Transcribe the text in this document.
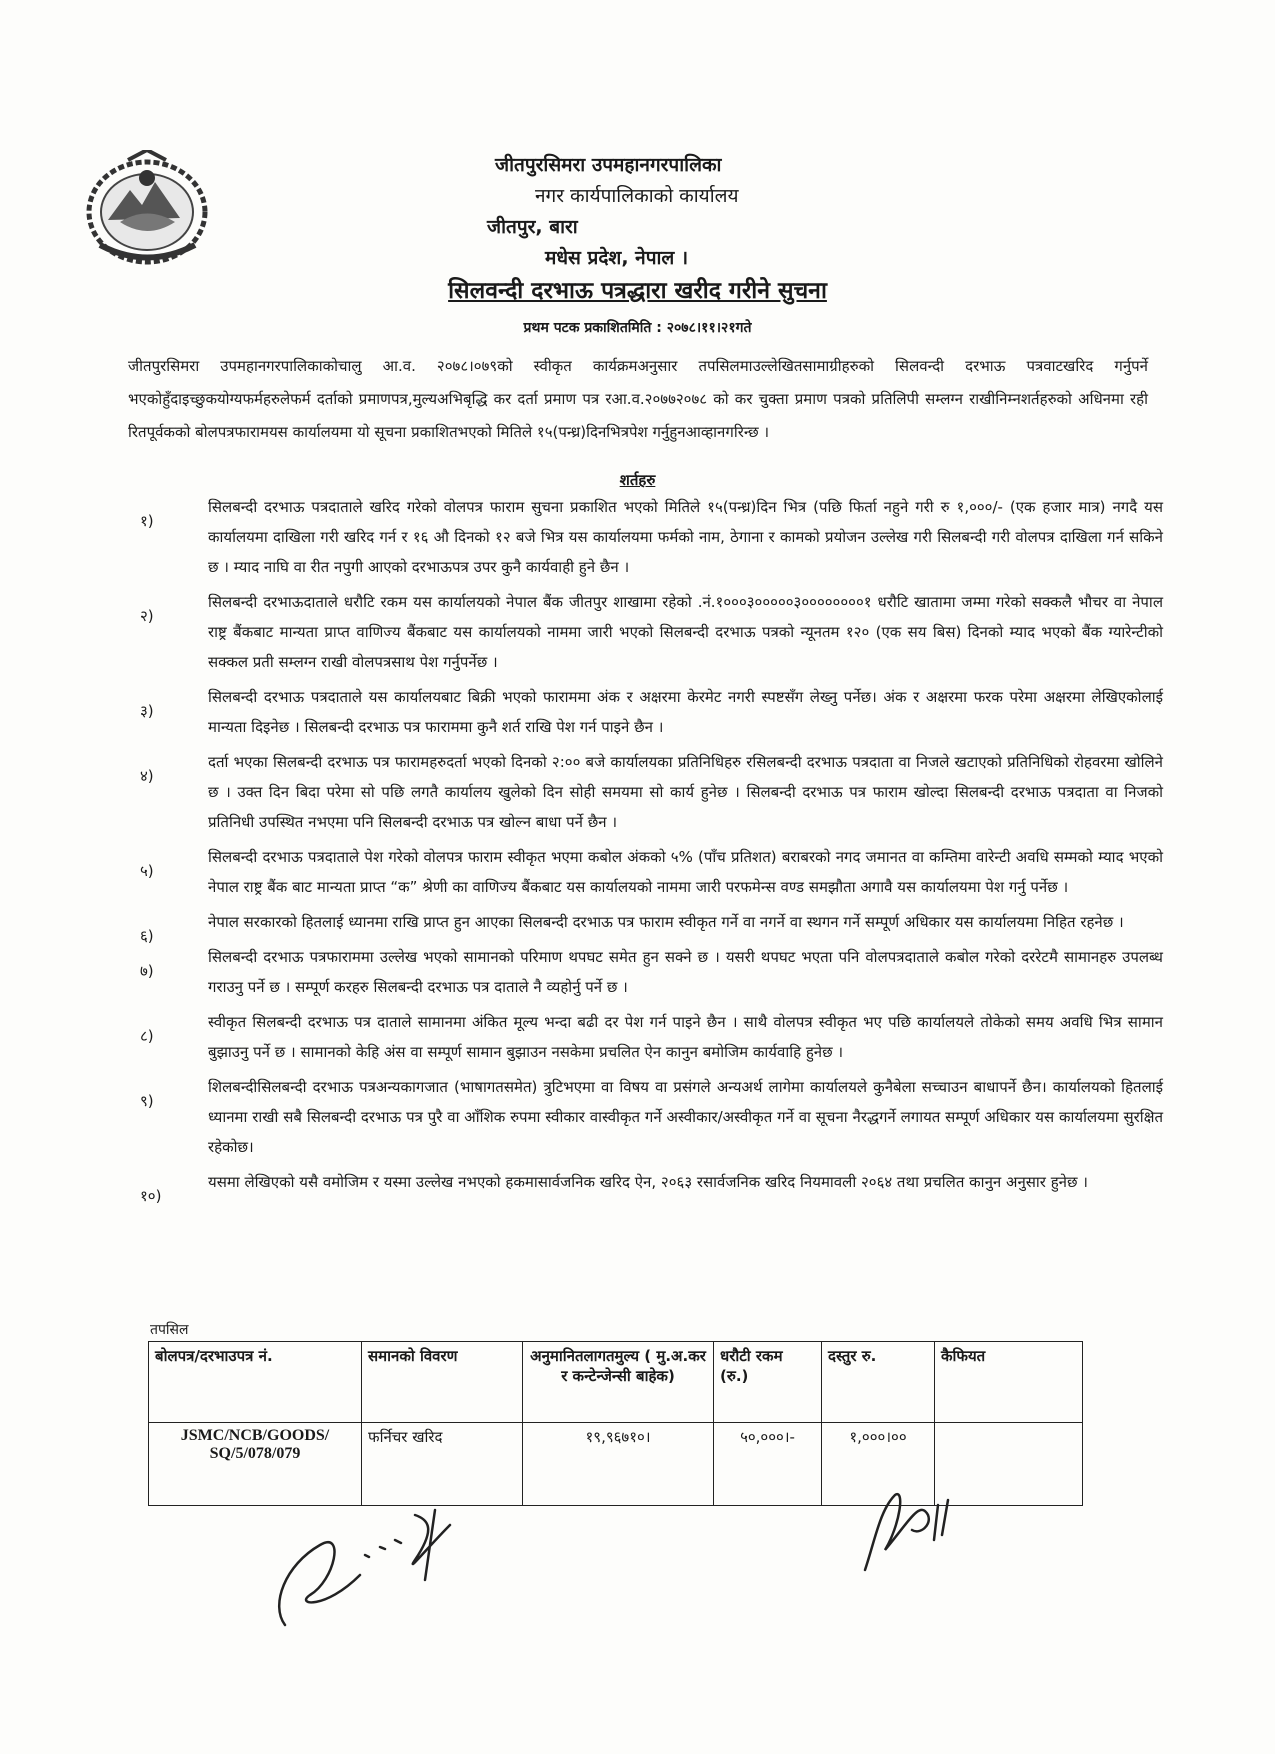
जीतपुरसिमरा उपमहानगरपालिका
नगर कार्यपालिकाको कार्यालय
जीतपुर, बारा
मधेस प्रदेश, नेपाल ।
सिलवन्दी दरभाऊ पत्रद्धारा खरीद गरीने सुचना
प्रथम पटक प्रकाशितमिति : २०७८।११।२१गते
जीतपुरसिमरा उपमहानगरपालिकाकोचालु आ.व. २०७८।०७९को स्वीकृत कार्यक्रमअनुसार तपसिलमाउल्लेखितसामाग्रीहरुको सिलवन्दी दरभाऊ पत्रवाटखरिद गर्नुपर्ने भएकोहुँदाइच्छुकयोग्यफर्महरुलेफर्म दर्ताको प्रमाणपत्र,मुल्यअभिबृद्धि कर दर्ता प्रमाण पत्र रआ.व.२०७७२०७८ को कर चुक्ता प्रमाण पत्रको प्रतिलिपी सम्लग्न राखीनिम्नशर्तहरुको अधिनमा रही रितपूर्वकको बोलपत्रफारामयस कार्यालयमा यो सूचना प्रकाशितभएको मितिले १५(पन्ध्र)दिनभित्रपेश गर्नुहुनआव्हानगरिन्छ ।
शर्तहरु
१)
सिलबन्दी दरभाऊ पत्रदाताले खरिद गरेको वोलपत्र फाराम सुचना प्रकाशित भएको मितिले १५(पन्ध्र)दिन भित्र (पछि फिर्ता नहुने गरी रु १,०००/- (एक हजार मात्र) नगदै यस कार्यालयमा दाखिला गरी खरिद गर्न र १६ औ दिनको १२ बजे भित्र यस कार्यालयमा फर्मको नाम, ठेगाना र कामको प्रयोजन उल्लेख गरी सिलबन्दी गरी वोलपत्र दाखिला गर्न सकिने छ । म्याद नाघि वा रीत नपुगी आएको दरभाऊपत्र उपर कुनै कार्यवाही हुने छैन ।
२)
सिलबन्दी दरभाऊदाताले धरौटि रकम यस कार्यालयको नेपाल बैंक जीतपुर शाखामा रहेको .नं.१०००३०००००३००००००००१ धरौटि खातामा जम्मा गरेको सक्कलै भौचर वा नेपाल राष्ट्र बैंकबाट मान्यता प्राप्त वाणिज्य बैंकबाट यस कार्यालयको नाममा जारी भएको सिलबन्दी दरभाऊ पत्रको न्यूनतम १२० (एक सय बिस) दिनको म्याद भएको बैंक ग्यारेन्टीको सक्कल प्रती सम्लग्न राखी वोलपत्रसाथ पेश गर्नुपर्नेछ ।
३)
सिलबन्दी दरभाऊ पत्रदाताले यस कार्यालयबाट बिक्री भएको फाराममा अंक र अक्षरमा केरमेट नगरी स्पष्टसँग लेख्नु पर्नेछ। अंक र अक्षरमा फरक परेमा अक्षरमा लेखिएकोलाई मान्यता दिइनेछ । सिलबन्दी दरभाऊ पत्र फाराममा कुनै शर्त राखि पेश गर्न पाइने छैन ।
४)
दर्ता भएका सिलबन्दी दरभाऊ पत्र फारामहरुदर्ता भएको दिनको २:०० बजे कार्यालयका प्रतिनिधिहरु रसिलबन्दी दरभाऊ पत्रदाता वा निजले खटाएको प्रतिनिधिको रोहवरमा खोलिने छ । उक्त दिन बिदा परेमा सो पछि लगतै कार्यालय खुलेको दिन सोही समयमा सो कार्य हुनेछ । सिलबन्दी दरभाऊ पत्र फाराम खोल्दा सिलबन्दी दरभाऊ पत्रदाता वा निजको प्रतिनिधी उपस्थित नभएमा पनि सिलबन्दी दरभाऊ पत्र खोल्न बाधा पर्ने छैन ।
५)
सिलबन्दी दरभाऊ पत्रदाताले पेश गरेको वोलपत्र फाराम स्वीकृत भएमा कबोल अंकको ५% (पाँच प्रतिशत) बराबरको नगद जमानत वा कम्तिमा वारेन्टी अवधि सम्मको म्याद भएको नेपाल राष्ट्र बैंक बाट मान्यता प्राप्त “क” श्रेणी का वाणिज्य बैंकबाट यस कार्यालयको नाममा जारी परफमेन्स वण्ड समझौता अगावै यस कार्यालयमा पेश गर्नु पर्नेछ ।
६)
नेपाल सरकारको हितलाई ध्यानमा राखि प्राप्त हुन आएका सिलबन्दी दरभाऊ पत्र फाराम स्वीकृत गर्ने वा नगर्ने वा स्थगन गर्ने सम्पूर्ण अधिकार यस कार्यालयमा निहित रहनेछ ।
७)
सिलबन्दी दरभाऊ पत्रफाराममा उल्लेख भएको सामानको परिमाण थपघट समेत हुन सक्ने छ । यसरी थपघट भएता पनि वोलपत्रदाताले कबोल गरेको दररेटमै सामानहरु उपलब्ध गराउनु पर्ने छ । सम्पूर्ण करहरु सिलबन्दी दरभाऊ पत्र दाताले नै व्यहोर्नु पर्ने छ ।
८)
स्वीकृत सिलबन्दी दरभाऊ पत्र दाताले सामानमा अंकित मूल्य भन्दा बढी दर पेश गर्न पाइने छैन । साथै वोलपत्र स्वीकृत भए पछि कार्यालयले तोकेको समय अवधि भित्र सामान बुझाउनु पर्ने छ । सामानको केहि अंस वा सम्पूर्ण सामान बुझाउन नसकेमा प्रचलित ऐन कानुन बमोजिम कार्यवाहि हुनेछ ।
९)
शिलबन्दीसिलबन्दी दरभाऊ पत्रअन्यकागजात (भाषागतसमेत) त्रुटिभएमा वा विषय वा प्रसंगले अन्यअर्थ लागेमा कार्यालयले कुनैबेला सच्चाउन बाधापर्ने छैन। कार्यालयको हितलाई ध्यानमा राखी सबै सिलबन्दी दरभाऊ पत्र पुरै वा आँशिक रुपमा स्वीकार वास्वीकृत गर्ने अस्वीकार/अस्वीकृत गर्ने वा सूचना नैरद्धगर्ने लगायत सम्पूर्ण अधिकार यस कार्यालयमा सुरक्षित रहेकोछ।
१०)
यसमा लेखिएको यसै वमोजिम र यस्मा उल्लेख नभएको हकमासार्वजनिक खरिद ऐन, २०६३ रसार्वजनिक खरिद नियमावली २०६४ तथा प्रचलित कानुन अनुसार हुनेछ ।
तपसिल
बोलपत्र/दरभाउपत्र नं.	समानको विवरण	अनुमानितलागतमुल्य ( मु.अ.कर र कन्टेन्जेन्सी बाहेक)	धरौटी रकम (रु.)	दस्तुर रु.	कैफियत
JSMC/NCB/GOODS/ SQ/5/078/079	फर्निचर खरिद	१९,९६७१०।	५०,०००।-	१,०००।००	
